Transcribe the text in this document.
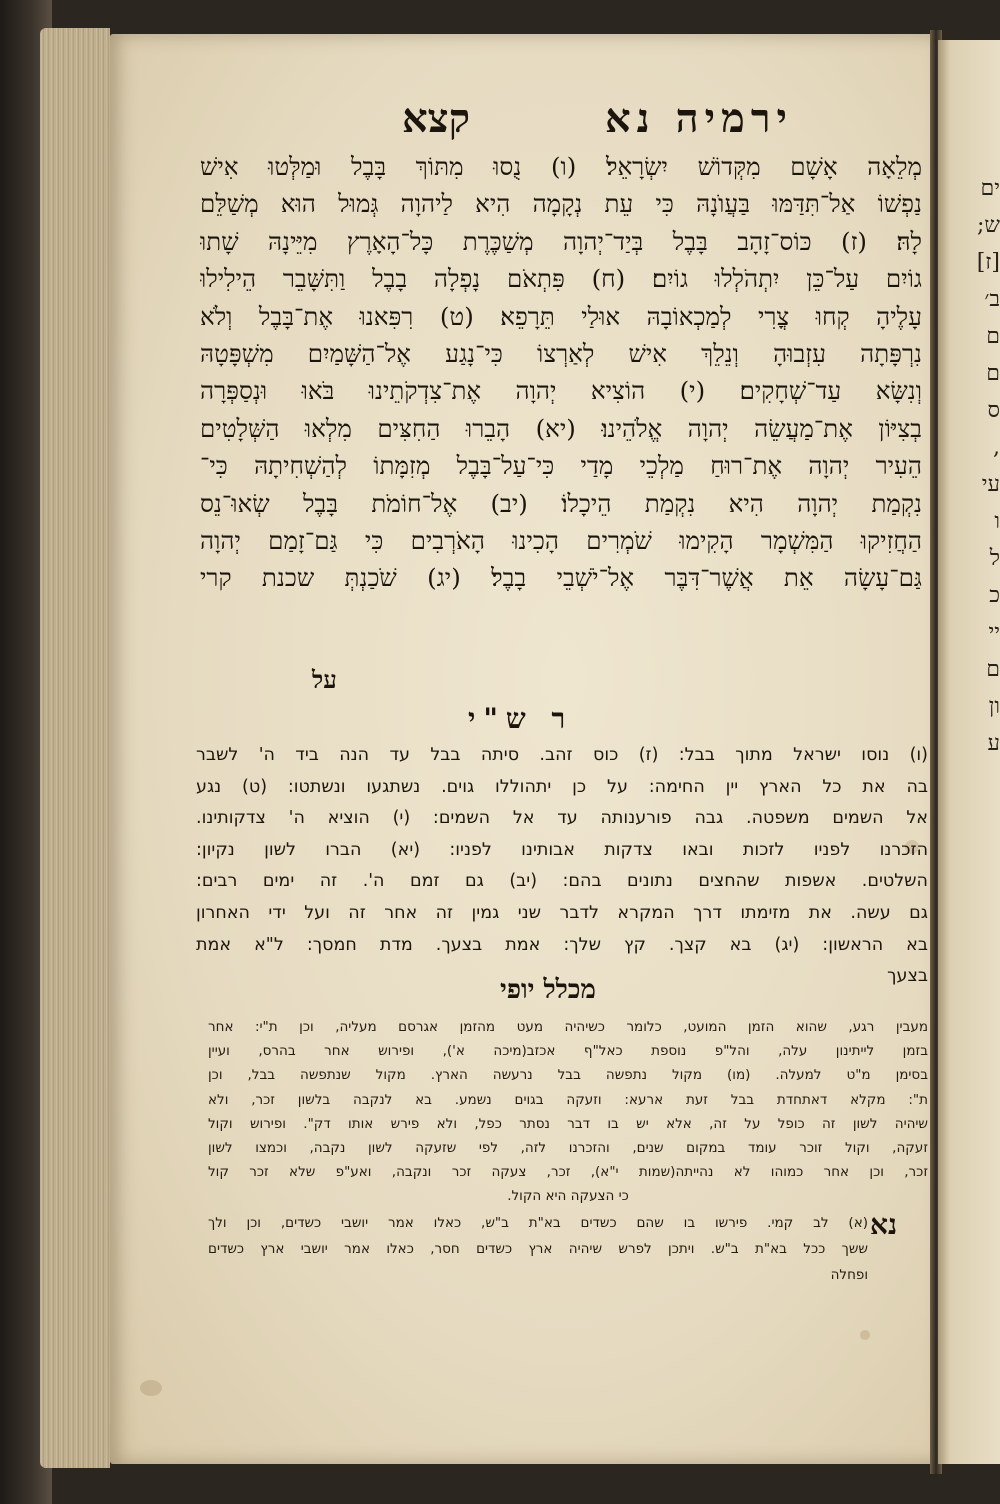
ים
ש;
[ז]
ב׳
ם
ם
ס
,
עי
ו
ל
כ
יי
ם
ון
ע
קצא	ירמיה נא
מְלֵאָה אָשָׁם מִקְּדוֹשׁ יִשְׂרָאֵל׃ (ו) נֻסוּ מִתּוֹךְ בָּבֶל וּמַלְּטוּ אִישׁ
נַפְשׁוֹ אַל־תִּדַּמּוּ בַּעֲוֺנָהּ כִּי עֵת נְקָמָה הִיא לַיהוָה גְּמוּל הוּא מְשַׁלֵּם
לָהּ׃ (ז) כּוֹס־זָהָב בָּבֶל בְּיַד־יְהוָה מְשַׁכֶּרֶת כָּל־הָאָרֶץ מִיֵּינָהּ שָׁתוּ
גוֹיִם עַל־כֵּן יִתְהֹלְלוּ גוֹיִם׃ (ח) פִּתְאֹם נָפְלָה בָבֶל וַתִּשָּׁבֵר הֵילִילוּ
עָלֶיהָ קְחוּ צֳרִי לְמַכְאוֹבָהּ אוּלַי תֵּרָפֵא׃ (ט) רִפִּאנוּ אֶת־בָּבֶל וְלֹא
נִרְפָּתָה עִזְבוּהָ וְנֵלֵךְ אִישׁ לְאַרְצוֹ כִּי־נָגַע אֶל־הַשָּׁמַיִם מִשְׁפָּטָהּ
וְנִשָּׂא עַד־שְׁחָקִים׃ (י) הוֹצִיא יְהוָה אֶת־צִדְקֹתֵינוּ בֹּאוּ וּנְסַפְּרָה
בְצִיּוֹן אֶת־מַעֲשֵׂה יְהוָה אֱלֹהֵינוּ׃ (יא) הָבֵרוּ הַחִצִּים מִלְאוּ הַשְּׁלָטִים
הֵעִיר יְהוָה אֶת־רוּחַ מַלְכֵי מָדַי כִּי־עַל־בָּבֶל מְזִמָּתוֹ לְהַשְׁחִיתָהּ כִּי־
נִקְמַת יְהוָה הִיא נִקְמַת הֵיכָלוֹ׃ (יב) אֶל־חוֹמֹת בָּבֶל שְׂאוּ־נֵס
הַחֲזִיקוּ הַמִּשְׁמָר הָקִימוּ שֹׁמְרִים הָכִינוּ הָאֹרְבִים כִּי גַּם־זָמַם יְהוָה
גַּם־עָשָׂה אֵת אֲשֶׁר־דִּבֶּר אֶל־יֹשְׁבֵי בָבֶל׃ (יג) שֹׁכַנְתְּ שכנת קרי
על
ר ש"י
(ו) נוסו ישראל מתוך בבל: (ז) כוס זהב. סיתה בבל עד הנה ביד ה' לשבר
בה את כל הארץ יין החימה: על כן יתהוללו גוים. נשתגעו ונשתטו: (ט) נגע
אל השמים משפטה. גבה פורענותה עד אל השמים: (י) הוציא ה' צדקותינו.
הזכרנו לפניו לזכות ובאו צדקות אבותינו לפניו: (יא) הברו לשון נקיון:
השלטים. אשפות שהחצים נתונים בהם: (יב) גם זמם ה'. זה ימים רבים:
גם עשה. את מזימתו דרך המקרא לדבר שני גמין זה אחר זה ועל ידי האחרון
בא הראשון: (יג) בא קצך. קץ שלך: אמת בצעך. מדת חמסך: ל"א אמת
בצעך
מכלל יופי
מעבין רגע, שהוא הזמן המועט, כלומר כשיהיה מעט מהזמן אגרסם מעליה, וכן ת"י: אחר
בזמן לייתינון עלה, והל"פ נוספת כאל"ף אכזב(מיכה א'), ופירוש אחר בהרס, ועיין
בסימן מ"ט למעלה. (מו) מקול נתפשה בבל נרעשה הארץ. מקול שנתפשה בבל, וכן
ת": מקלא דאתחדת בבל זעת ארעא: וזעקה בגוים נשמע. בא לנקבה בלשון זכר, ולא
שיהיה לשון זה כופל על זה, אלא יש בו דבר נסתר כפל, ולא פירש אותו דק". ופירוש וקול
זעקה, וקול זוכר עומד במקום שנים, והזכרנו לזה, לפי שזעקה לשון נקבה, וכמצו לשון
זכר, וכן אחר כמוהו לא נהייתה(שמות י"א), זכר, צעקה זכר ונקבה, ואע"פ שלא זכר קול
כי הצעקה היא הקול.
נא
(א) לב קמי. פירשו בו שהם כשדים בא"ת ב"ש, כאלו אמר יושבי כשדים, וכן ולך
ששך ככל בא"ת ב"ש. ויתכן לפרש שיהיה ארץ כשדים חסר, כאלו אמר יושבי ארץ כשדים
ופחלה
